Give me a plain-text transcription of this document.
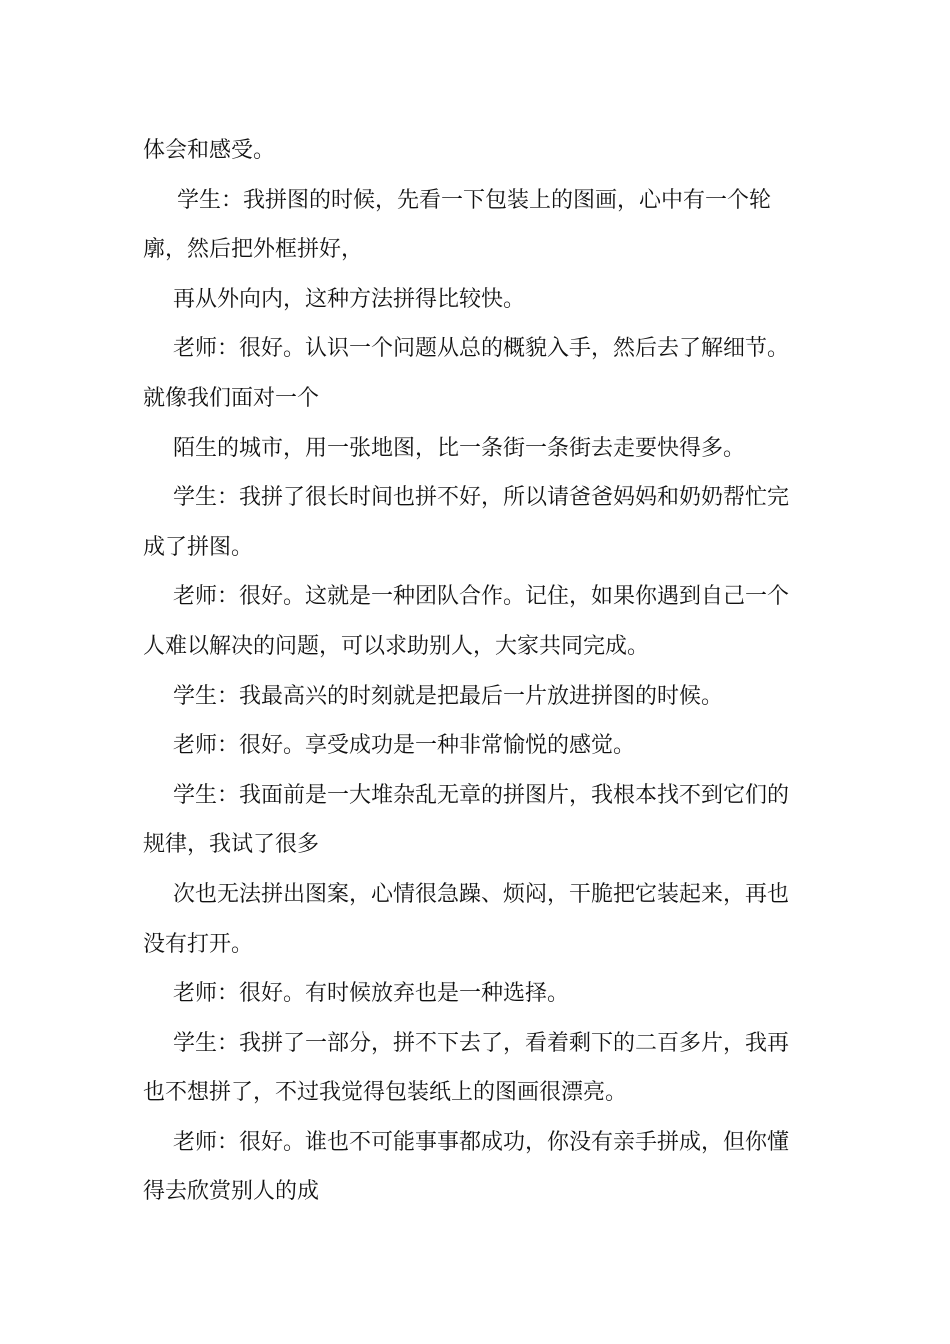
体会和感受。
学生：我拼图的时候，先看一下包装上的图画，心中有一个轮
廓，然后把外框拼好，
再从外向内，这种方法拼得比较快。
老师：很好。认识一个问题从总的概貌入手，然后去了解细节。
就像我们面对一个
陌生的城市，用一张地图，比一条街一条街去走要快得多。
学生：我拼了很长时间也拼不好，所以请爸爸妈妈和奶奶帮忙完
成了拼图。
老师：很好。这就是一种团队合作。记住，如果你遇到自己一个
人难以解决的问题，可以求助别人，大家共同完成。
学生：我最高兴的时刻就是把最后一片放进拼图的时候。
老师：很好。享受成功是一种非常愉悦的感觉。
学生：我面前是一大堆杂乱无章的拼图片，我根本找不到它们的
规律，我试了很多
次也无法拼出图案，心情很急躁、烦闷，干脆把它装起来，再也
没有打开。
老师：很好。有时候放弃也是一种选择。
学生：我拼了一部分，拼不下去了，看着剩下的二百多片，我再
也不想拼了，不过我觉得包装纸上的图画很漂亮。
老师：很好。谁也不可能事事都成功，你没有亲手拼成，但你懂
得去欣赏别人的成
